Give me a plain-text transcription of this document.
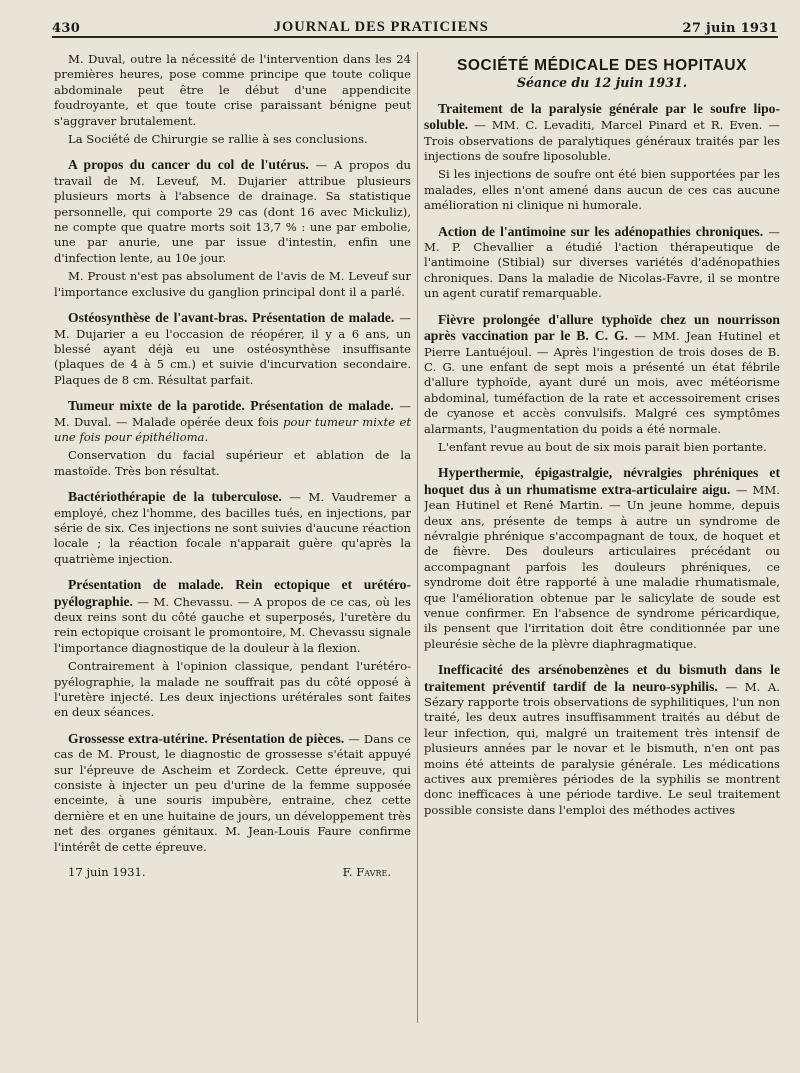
430	JOURNAL DES PRATICIENS	27 juin 1931

M. Duval, outre la nécessité de l'intervention dans les 24 premières heures, pose comme principe que toute colique abdominale peut être le début d'une appendicite foudroyante, et que toute crise paraissant bénigne peut s'aggraver brutalement.

La Société de Chirurgie se rallie à ses conclusions.

A propos du cancer du col de l'utérus. — A propos du travail de M. Leveuf, M. Dujarier attribue plusieurs plusieurs morts à l'absence de drainage. Sa statistique personnelle, qui comporte 29 cas (dont 16 avec Mickuliz), ne compte que quatre morts soit 13,7 % : une par embolie, une par anurie, une par issue d'intestin, enfin une d'infection lente, au 10e jour.

M. Proust n'est pas absolument de l'avis de M. Leveuf sur l'importance exclusive du ganglion principal dont il a parlé.

Ostéosynthèse de l'avant-bras. Présentation de malade. — M. Dujarier a eu l'occasion de réopérer, il y a 6 ans, un blessé ayant déjà eu une ostéosynthèse insuffisante (plaques de 4 à 5 cm.) et suivie d'incurvation secondaire. Plaques de 8 cm. Résultat parfait.

Tumeur mixte de la parotide. Présentation de malade. — M. Duval. — Malade opérée deux fois pour tumeur mixte et une fois pour épithélioma.

Conservation du facial supérieur et ablation de la mastoïde. Très bon résultat.

Bactériothérapie de la tuberculose. — M. Vaudremer a employé, chez l'homme, des bacilles tués, en injections, par série de six. Ces injections ne sont suivies d'aucune réaction locale ; la réaction focale n'apparait guère qu'après la quatrième injection.

Présentation de malade. Rein ectopique et urétéro-pyélographie. — M. Chevassu. — A propos de ce cas, où les deux reins sont du côté gauche et superposés, l'uretère du rein ectopique croisant le promontoire, M. Chevassu signale l'importance diagnostique de la douleur à la flexion.

Contrairement à l'opinion classique, pendant l'urétéro-pyélographie, la malade ne souffrait pas du côté opposé à l'uretère injecté. Les deux injections urétérales sont faites en deux séances.

Grossesse extra-utérine. Présentation de pièces. — Dans ce cas de M. Proust, le diagnostic de grossesse s'était appuyé sur l'épreuve de Ascheim et Zordeck. Cette épreuve, qui consiste à injecter un peu d'urine de la femme supposée enceinte, à une souris impubère, entraine, chez cette dernière et en une huitaine de jours, un développement très net des organes génitaux. M. Jean-Louis Faure confirme l'intérêt de cette épreuve.

17 juin 1931.	F. Favre.
SOCIÉTÉ MÉDICALE DES HOPITAUX
Séance du 12 juin 1931.

Traitement de la paralysie générale par le soufre lipo-soluble. — MM. C. Levaditi, Marcel Pinard et R. Even. — Trois observations de paralytiques généraux traités par les injections de soufre liposoluble.

Si les injections de soufre ont été bien supportées par les malades, elles n'ont amené dans aucun de ces cas aucune amélioration ni clinique ni humorale.

Action de l'antimoine sur les adénopathies chroniques. — M. P. Chevallier a étudié l'action thérapeutique de l'antimoine (Stibial) sur diverses variétés d'adénopathies chroniques. Dans la maladie de Nicolas-Favre, il se montre un agent curatif remarquable.

Fièvre prolongée d'allure typhoïde chez un nourrisson après vaccination par le B. C. G. — MM. Jean Hutinel et Pierre Lantuéjoul. — Après l'ingestion de trois doses de B. C. G. une enfant de sept mois a présenté un état fébrile d'allure typhoïde, ayant duré un mois, avec météorisme abdominal, tuméfaction de la rate et accessoirement crises de cyanose et accès convulsifs. Malgré ces symptômes alarmants, l'augmentation du poids a été normale.

L'enfant revue au bout de six mois parait bien portante.

Hyperthermie, épigastralgie, névralgies phréniques et hoquet dus à un rhumatisme extra-articulaire aigu. — MM. Jean Hutinel et René Martin. — Un jeune homme, depuis deux ans, présente de temps à autre un syndrome de névralgie phrénique s'accompagnant de toux, de hoquet et de fièvre. Des douleurs articulaires précédant ou accompagnant parfois les douleurs phréniques, ce syndrome doit être rapporté à une maladie rhumatismale, que l'amélioration obtenue par le salicylate de soude est venue confirmer. En l'absence de syndrome péricardique, ils pensent que l'irritation doit être conditionnée par une pleurésie sèche de la plèvre diaphragmatique.

Inefficacité des arsénobenzènes et du bismuth dans le traitement préventif tardif de la neuro-syphilis. — M. A. Sézary rapporte trois observations de syphilitiques, l'un non traité, les deux autres insuffisamment traités au début de leur infection, qui, malgré un traitement très intensif de plusieurs années par le novar et le bismuth, n'en ont pas moins été atteints de paralysie générale. Les médications actives aux premières périodes de la syphilis se montrent donc inefficaces à une période tardive. Le seul traitement possible consiste dans l'emploi des méthodes actives
